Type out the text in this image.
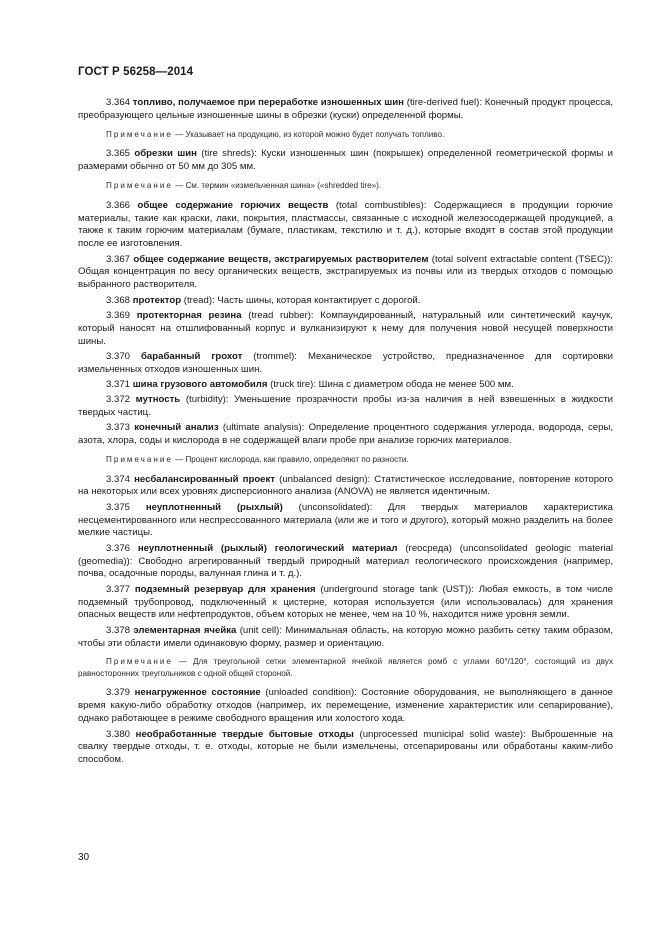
ГОСТ Р 56258—2014

3.364 топливо, получаемое при переработке изношенных шин (tire-derived fuel): Конечный продукт процесса, преобразующего цельные изношенные шины в обрезки (куски) определенной формы.

Примечание — Указывает на продукцию, из которой можно будет получать топливо.

3.365 обрезки шин (tire shreds): Куски изношенных шин (покрышек) определенной геометрической формы и размерами обычно от 50 мм до 305 мм.

Примечание — См. термин «измельченная шина» («shredded tire»).

3.366 общее содержание горючих веществ (total combustibles): Содержащиеся в продукции горючие материалы, такие как краски, лаки, покрытия, пластмассы, связанные с исходной железосодержащей продукцией, а также к таким горючим материалам (бумаге, пластикам, текстилю и т. д.), которые входят в состав этой продукции после ее изготовления.

3.367 общее содержание веществ, экстрагируемых растворителем (total solvent extractable content (TSEC)): Общая концентрация по весу органических веществ, экстрагируемых из почвы или из твердых отходов с помощью выбранного растворителя.

3.368 протектор (tread): Часть шины, которая контактирует с дорогой.

3.369 протекторная резина (tread rubber): Компаундированный, натуральный или синтетический каучук, который наносят на отшлифованный корпус и вулканизируют к нему для получения новой несущей поверхности шины.

3.370 барабанный грохот (trommel): Механическое устройство, предназначенное для сортировки измельченных отходов изношенных шин.

3.371 шина грузового автомобиля (truck tire): Шина с диаметром обода не менее 500 мм.

3.372 мутность (turbidity): Уменьшение прозрачности пробы из-за наличия в ней взвешенных в жидкости твердых частиц.

3.373 конечный анализ (ultimate analysis): Определение процентного содержания углерода, водорода, серы, азота, хлора, соды и кислорода в не содержащей влаги пробе при анализе горючих материалов.

Примечание — Процент кислорода, как правило, определяют по разности.

3.374 несбалансированный проект (unbalanced design): Статистическое исследование, повторение которого на некоторых или всех уровнях дисперсионного анализа (ANOVA) не является идентичным.

3.375 неуплотненный (рыхлый) (unconsolidated): Для твердых материалов характеристика несцементированного или неспрессованного материала (или же и того и другого), который можно разделить на более мелкие частицы.

3.376 неуплотненный (рыхлый) геологический материал (геосреда) (unconsolidated geologic material (geomedia)): Свободно агрегированный твердый природный материал геологического происхождения (например, почва, осадочные породы, валунная глина и т. д.).

3.377 подземный резервуар для хранения (underground storage tank (UST)): Любая емкость, в том числе подземный трубопровод, подключенный к цистерне, которая используется (или использовалась) для хранения опасных веществ или нефтепродуктов, объем которых не менее, чем на 10 %, находится ниже уровня земли.

3.378 элементарная ячейка (unit cell): Минимальная область, на которую можно разбить сетку таким образом, чтобы эти области имели одинаковую форму, размер и ориентацию.

Примечание — Для треугольной сетки элементарной ячейкой является ромб с углами 60°/120°, состоящий из двух равносторонних треугольников с одной общей стороной.

3.379 ненагруженное состояние (unloaded condition): Состояние оборудования, не выполняющего в данное время какую-либо обработку отходов (например, их перемещение, изменение характеристик или сепарирование), однако работающее в режиме свободного вращения или холостого хода.

3.380 необработанные твердые бытовые отходы (unprocessed municipal solid waste): Выброшенные на свалку твердые отходы, т. е. отходы, которые не были измельчены, отсепарированы или обработаны каким-либо способом.

30
